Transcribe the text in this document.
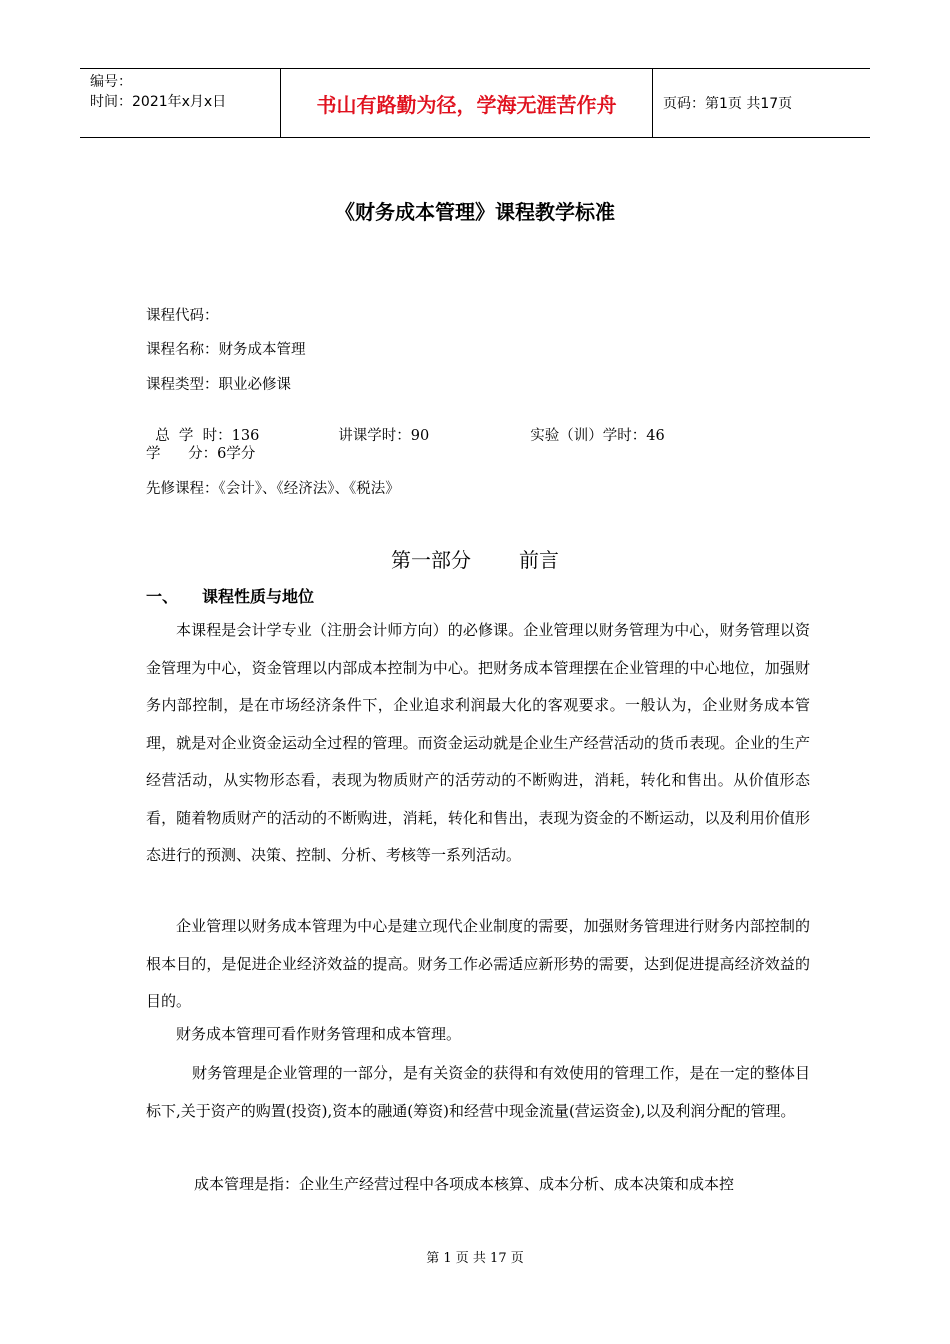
编号：
时间：2021年x月x日	书山有路勤为径，学海无涯苦作舟	页码：第1页 共17页
《财务成本管理》课程教学标准
课程代码：
课程名称：财务成本管理
课程类型：职业必修课

总  学  时：136	讲课学时：90	实验（训）学时：46

学      分：6学分
先修课程：《会计》、《经济法》、《税法》
第一部分 前言
一、 课程性质与地位

本课程是会计学专业（注册会计师方向）的必修课。企业管理以财务管理为中心，财务管理以资金管理为中心，资金管理以内部成本控制为中心。把财务成本管理摆在企业管理的中心地位，加强财务内部控制，是在市场经济条件下，企业追求利润最大化的客观要求。一般认为，企业财务成本管理，就是对企业资金运动全过程的管理。而资金运动就是企业生产经营活动的货币表现。企业的生产经营活动，从实物形态看，表现为物质财产的活劳动的不断购进，消耗，转化和售出。从价值形态看，随着物质财产的活动的不断购进，消耗，转化和售出，表现为资金的不断运动，以及利用价值形态进行的预测、决策、控制、分析、考核等一系列活动。

企业管理以财务成本管理为中心是建立现代企业制度的需要，加强财务管理进行财务内部控制的根本目的，是促进企业经济效益的提高。财务工作必需适应新形势的需要，达到促进提高经济效益的目的。

财务成本管理可看作财务管理和成本管理。

财务管理是企业管理的一部分，是有关资金的获得和有效使用的管理工作，是在一定的整体目标下,关于资产的购置(投资),资本的融通(筹资)和经营中现金流量(营运资金),以及利润分配的管理。

成本管理是指：企业生产经营过程中各项成本核算、成本分析、成本决策和成本控

第 1 页 共 17 页
